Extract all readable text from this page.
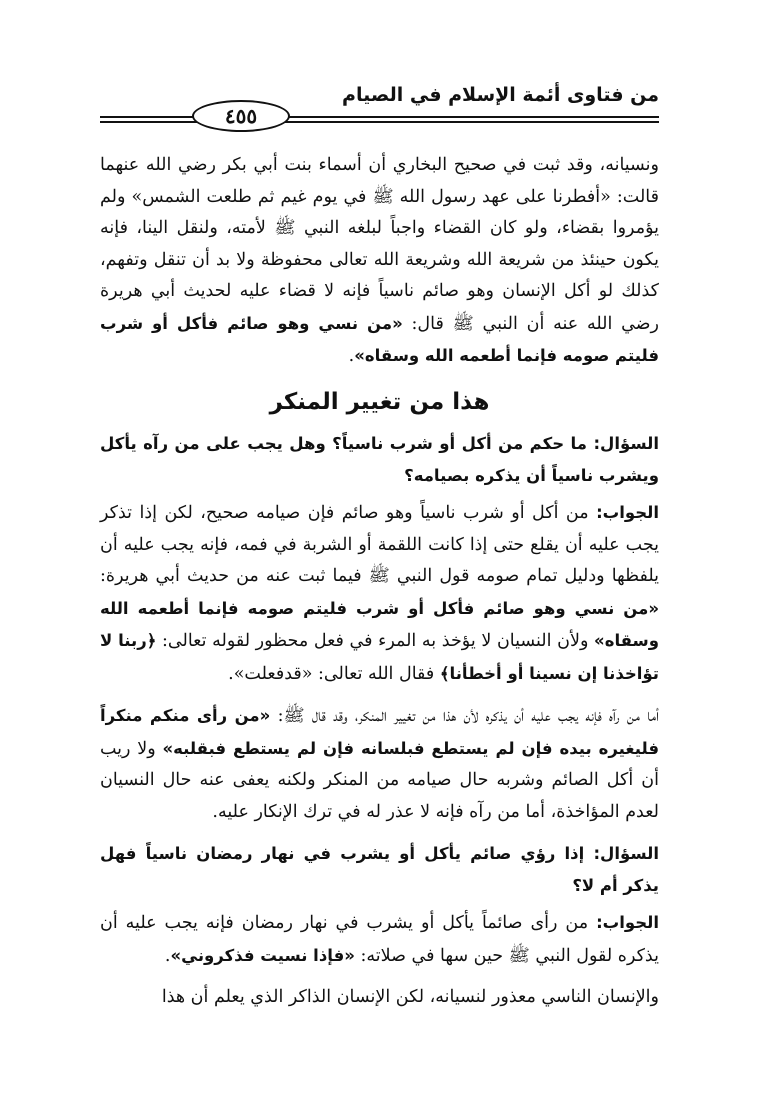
من فتاوى أئمة الإسلام في الصيام
٤٥٥

ونسيانه، وقد ثبت في صحيح البخاري أن أسماء بنت أبي بكر رضي الله عنهما قالت: «أفطرنا على عهد رسول الله ﷺ في يوم غيم ثم طلعت الشمس» ولم يؤمروا بقضاء، ولو كان القضاء واجباً لبلغه النبي ﷺ لأمته، ولنقل الينا، فإنه يكون حينئذ من شريعة الله وشريعة الله تعالى محفوظة ولا بد أن تنقل وتفهم، كذلك لو أكل الإنسان وهو صائم ناسياً فإنه لا قضاء عليه لحديث أبي هريرة رضي الله عنه أن النبي ﷺ قال: «من نسي وهو صائم فأكل أو شرب فليتم صومه فإنما أطعمه الله وسقاه».

هذا من تغيير المنكر

السؤال: ما حكم من أكل أو شرب ناسياً؟ وهل يجب على من رآه يأكل ويشرب ناسياً أن يذكره بصيامه؟

الجواب: من أكل أو شرب ناسياً وهو صائم فإن صيامه صحيح، لكن إذا تذكر يجب عليه أن يقلع حتى إذا كانت اللقمة أو الشربة في فمه، فإنه يجب عليه أن يلفظها ودليل تمام صومه قول النبي ﷺ فيما ثبت عنه من حديث أبي هريرة: «من نسي وهو صائم فأكل أو شرب فليتم صومه فإنما أطعمه الله وسقاه» ولأن النسيان لا يؤخذ به المرء في فعل محظور لقوله تعالى: ﴿ربنا لا تؤاخذنا إن نسينا أو أخطأنا﴾ فقال الله تعالى: «قدفعلت».

أما من رآه فإنه يجب عليه أن يذكره لأن هذا من تغيير المنكر، وقد قال ﷺ: «من رأى منكم منكراً فليغيره بيده فإن لم يستطع فبلسانه فإن لم يستطع فبقلبه» ولا ريب أن أكل الصائم وشربه حال صيامه من المنكر ولكنه يعفى عنه حال النسيان لعدم المؤاخذة، أما من رآه فإنه لا عذر له في ترك الإنكار عليه.

السؤال: إذا رؤي صائم يأكل أو يشرب في نهار رمضان ناسياً فهل يذكر أم لا؟

الجواب: من رأى صائماً يأكل أو يشرب في نهار رمضان فإنه يجب عليه أن يذكره لقول النبي ﷺ حين سها في صلاته: «فإذا نسيت فذكروني».

والإنسان الناسي معذور لنسيانه، لكن الإنسان الذاكر الذي يعلم أن هذا
